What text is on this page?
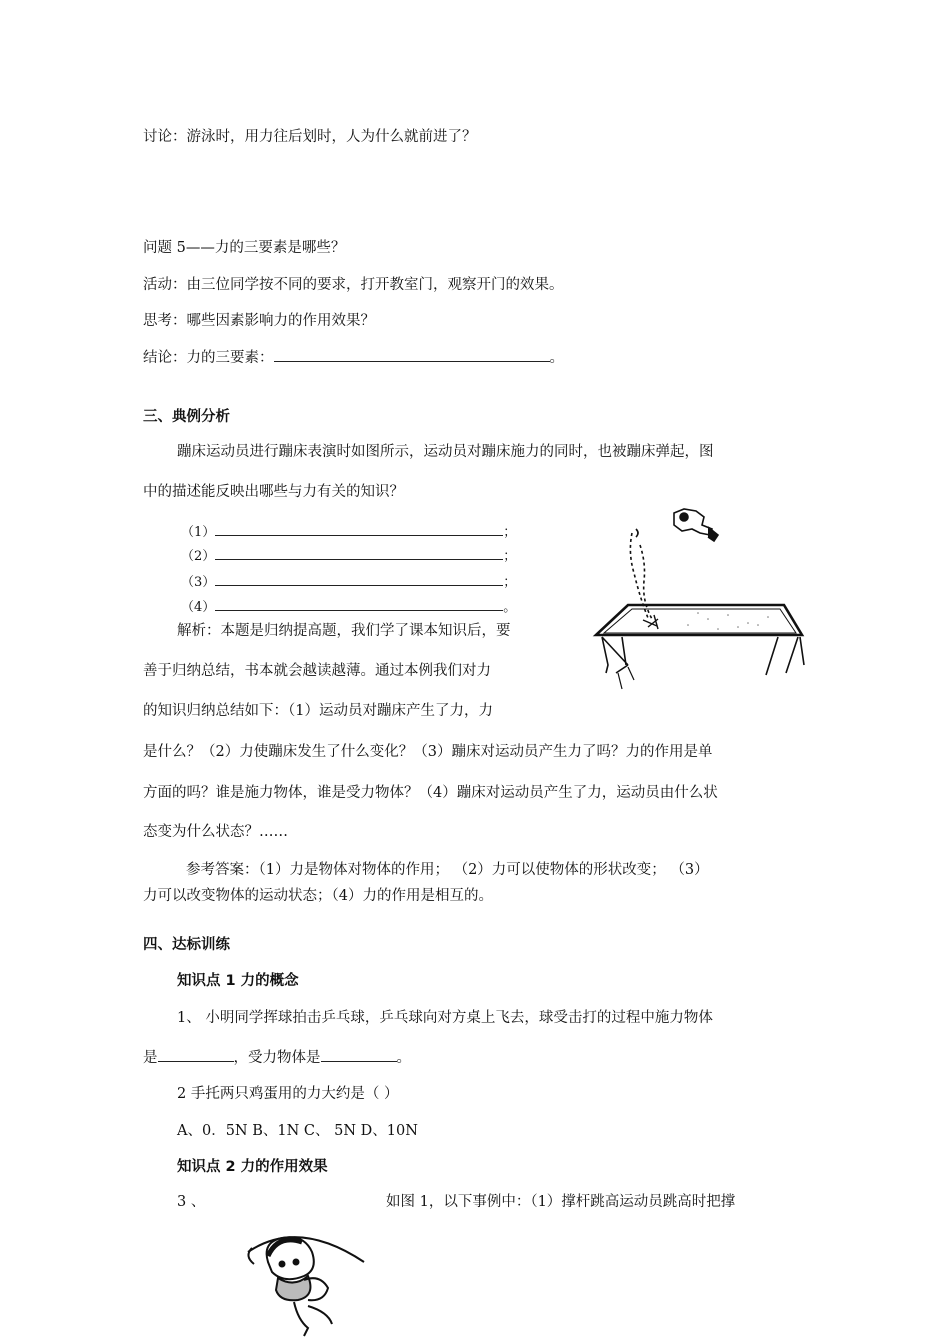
讨论：游泳时，用力往后划时，人为什么就前进了？
问题 5——力的三要素是哪些？
活动：由三位同学按不同的要求，打开教室门，观察开门的效果。
思考：哪些因素影响力的作用效果？
结论：力的三要素：	。
三、典例分析
蹦床运动员进行蹦床表演时如图所示，运动员对蹦床施力的同时，也被蹦床弹起，图
中的描述能反映出哪些与力有关的知识？
（1）	；
（2）	；
（3）	；
（4）	。
解析：本题是归纳提高题，我们学了课本知识后，要
善于归纳总结，书本就会越读越薄。通过本例我们对力
的知识归纳总结如下：（1）运动员对蹦床产生了力，力
是什么？（2）力使蹦床发生了什么变化？（3）蹦床对运动员产生力了吗？力的作用是单
方面的吗？谁是施力物体，谁是受力物体？（4）蹦床对运动员产生了力，运动员由什么状
态变为什么状态？……
参考答案：（1）力是物体对物体的作用； （2）力可以使物体的形状改变； （3）
力可以改变物体的运动状态；（4）力的作用是相互的。
四、达标训练
知识点 1 力的概念
1、 小明同学挥球拍击乒乓球，乒乓球向对方桌上飞去，球受击打的过程中施力物体
是	，受力物体是	。
2 手托两只鸡蛋用的力大约是（ ）
A、0．5N B、1N C、 5N D、10N
知识点 2 力的作用效果
3 、	如图 1，以下事例中：（1）撑杆跳高运动员跳高时把撑
